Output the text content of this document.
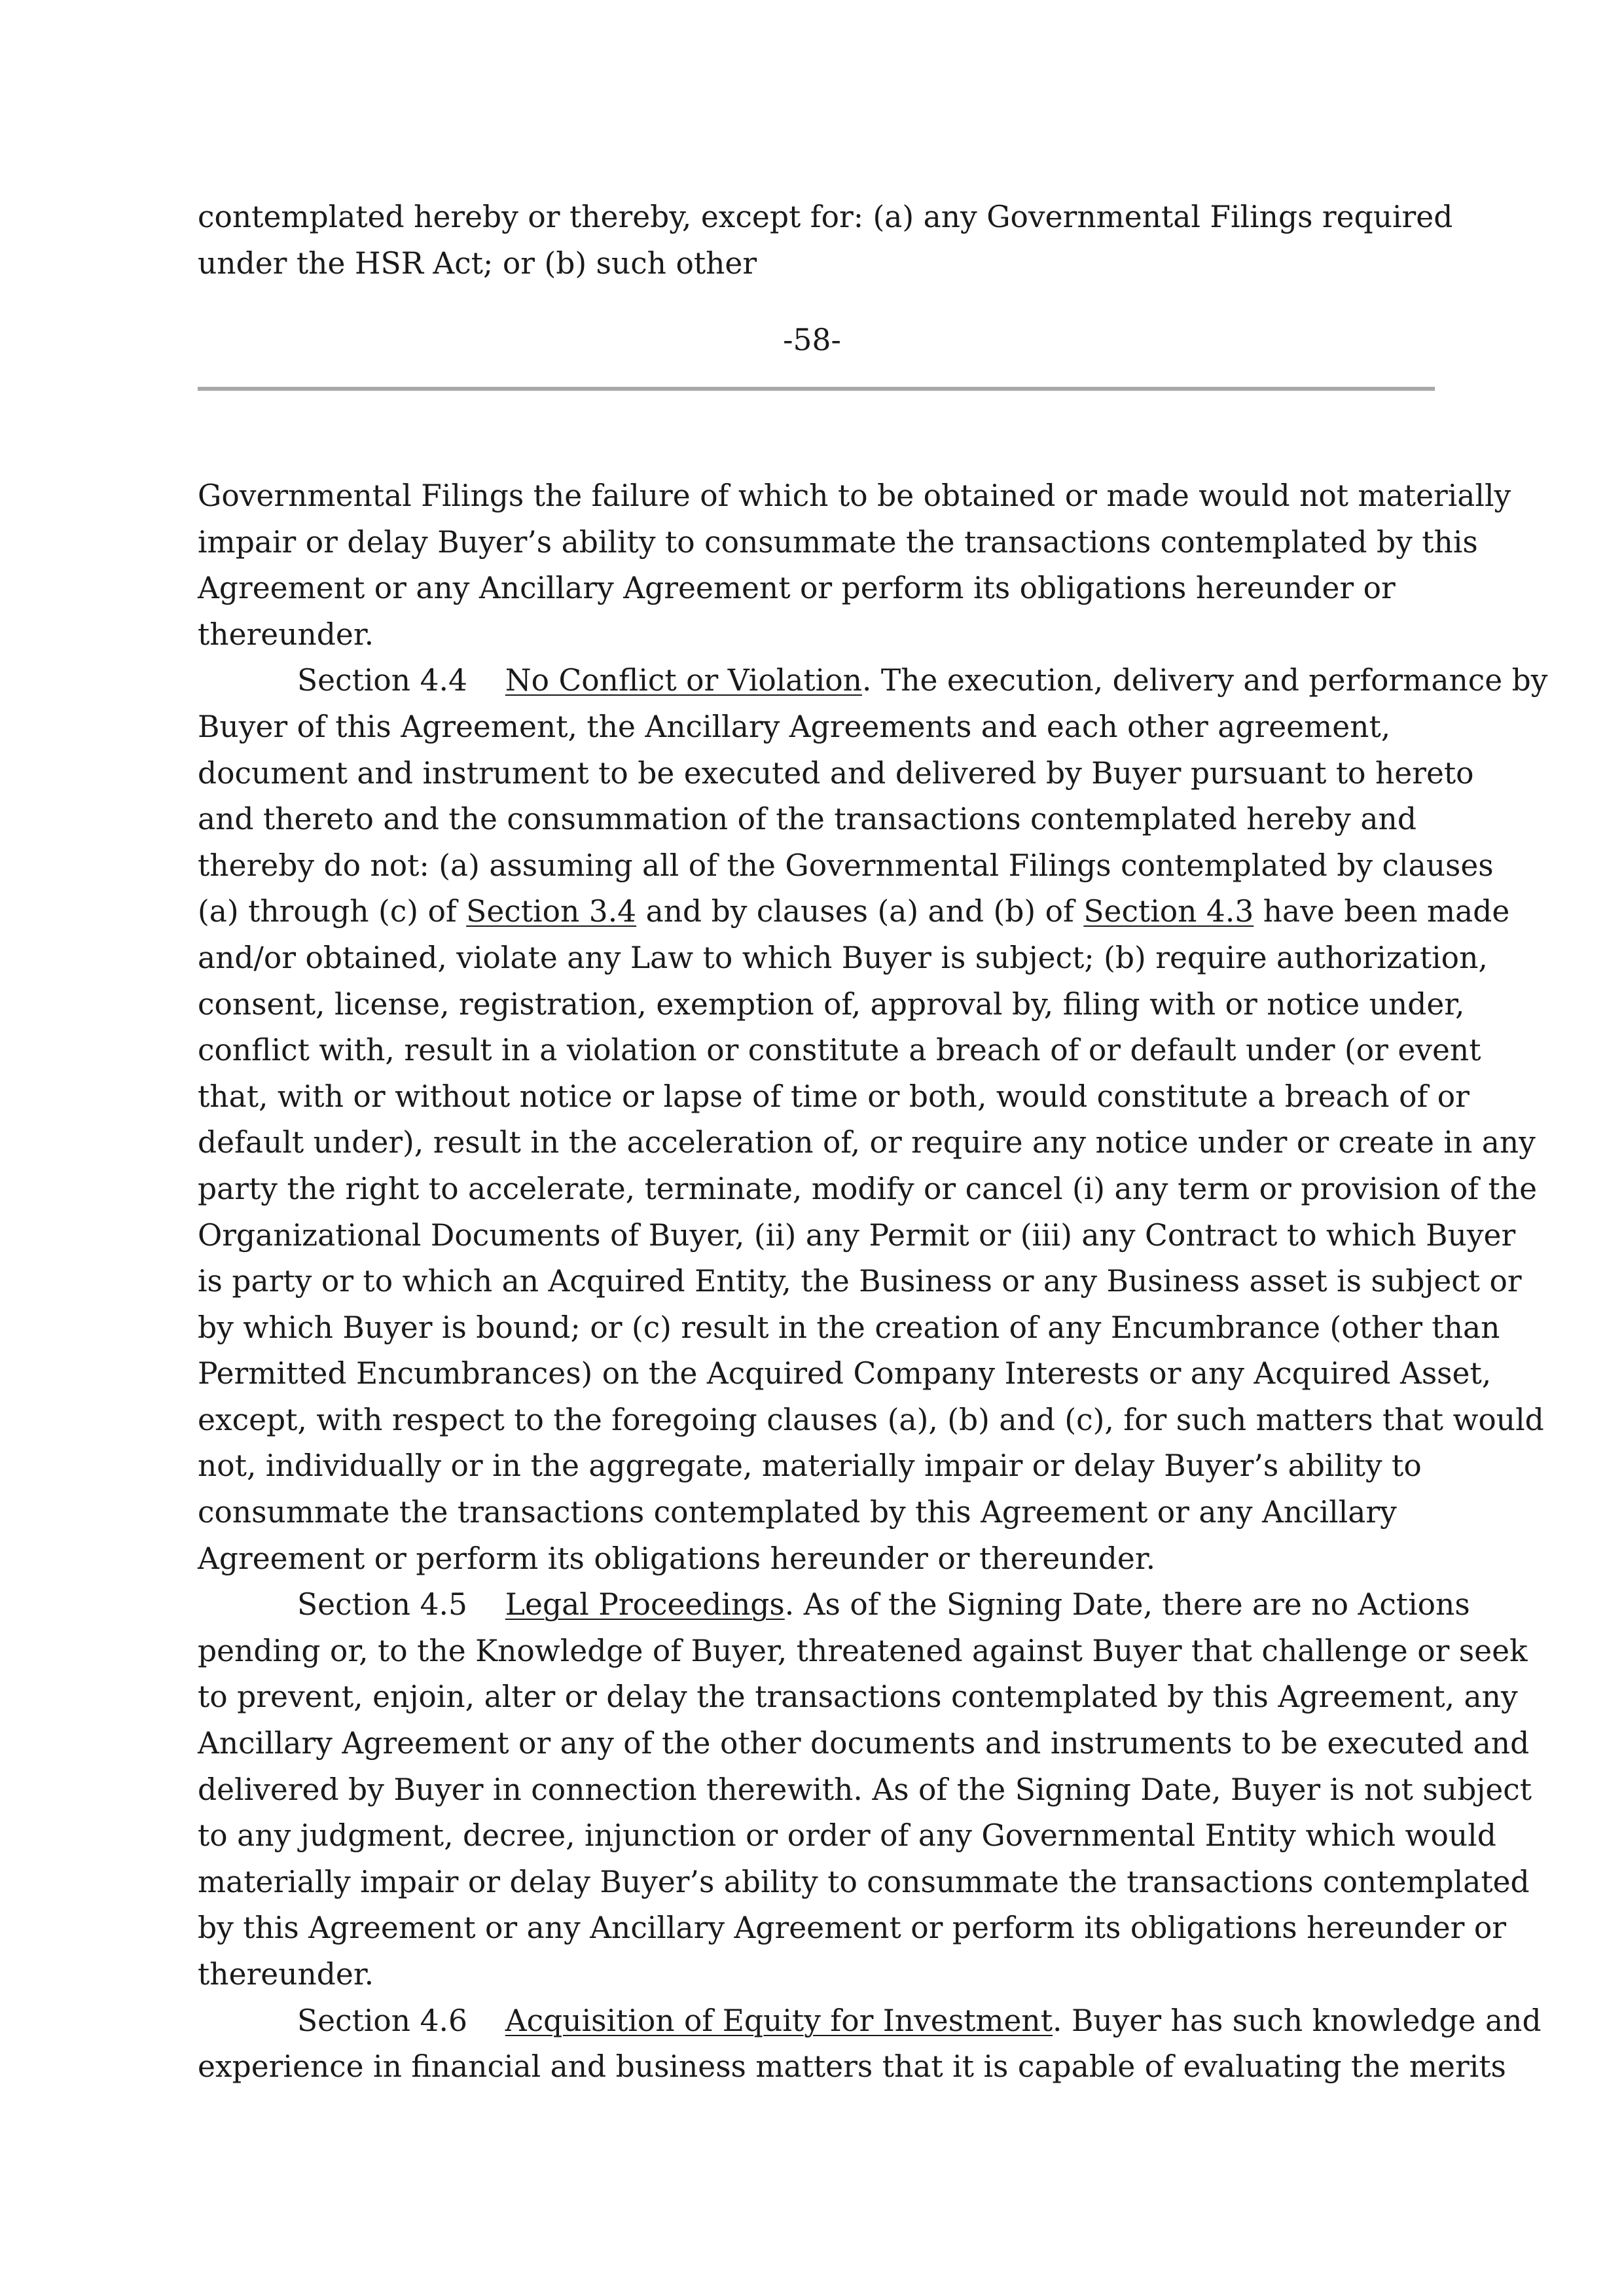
contemplated hereby or thereby, except for: (a) any Governmental Filings required
under the HSR Act; or (b) such other
-58-
Governmental Filings the failure of which to be obtained or made would not materially
impair or delay Buyer’s ability to consummate the transactions contemplated by this
Agreement or any Ancillary Agreement or perform its obligations hereunder or
thereunder.
Section 4.4 No Conflict or Violation. The execution, delivery and performance by
Buyer of this Agreement, the Ancillary Agreements and each other agreement,
document and instrument to be executed and delivered by Buyer pursuant to hereto
and thereto and the consummation of the transactions contemplated hereby and
thereby do not: (a) assuming all of the Governmental Filings contemplated by clauses
(a) through (c) of Section 3.4 and by clauses (a) and (b) of Section 4.3 have been made
and/or obtained, violate any Law to which Buyer is subject; (b) require authorization,
consent, license, registration, exemption of, approval by, filing with or notice under,
conflict with, result in a violation or constitute a breach of or default under (or event
that, with or without notice or lapse of time or both, would constitute a breach of or
default under), result in the acceleration of, or require any notice under or create in any
party the right to accelerate, terminate, modify or cancel (i) any term or provision of the
Organizational Documents of Buyer, (ii) any Permit or (iii) any Contract to which Buyer
is party or to which an Acquired Entity, the Business or any Business asset is subject or
by which Buyer is bound; or (c) result in the creation of any Encumbrance (other than
Permitted Encumbrances) on the Acquired Company Interests or any Acquired Asset,
except, with respect to the foregoing clauses (a), (b) and (c), for such matters that would
not, individually or in the aggregate, materially impair or delay Buyer’s ability to
consummate the transactions contemplated by this Agreement or any Ancillary
Agreement or perform its obligations hereunder or thereunder.
Section 4.5 Legal Proceedings. As of the Signing Date, there are no Actions
pending or, to the Knowledge of Buyer, threatened against Buyer that challenge or seek
to prevent, enjoin, alter or delay the transactions contemplated by this Agreement, any
Ancillary Agreement or any of the other documents and instruments to be executed and
delivered by Buyer in connection therewith. As of the Signing Date, Buyer is not subject
to any judgment, decree, injunction or order of any Governmental Entity which would
materially impair or delay Buyer’s ability to consummate the transactions contemplated
by this Agreement or any Ancillary Agreement or perform its obligations hereunder or
thereunder.
Section 4.6 Acquisition of Equity for Investment. Buyer has such knowledge and
experience in financial and business matters that it is capable of evaluating the merits
